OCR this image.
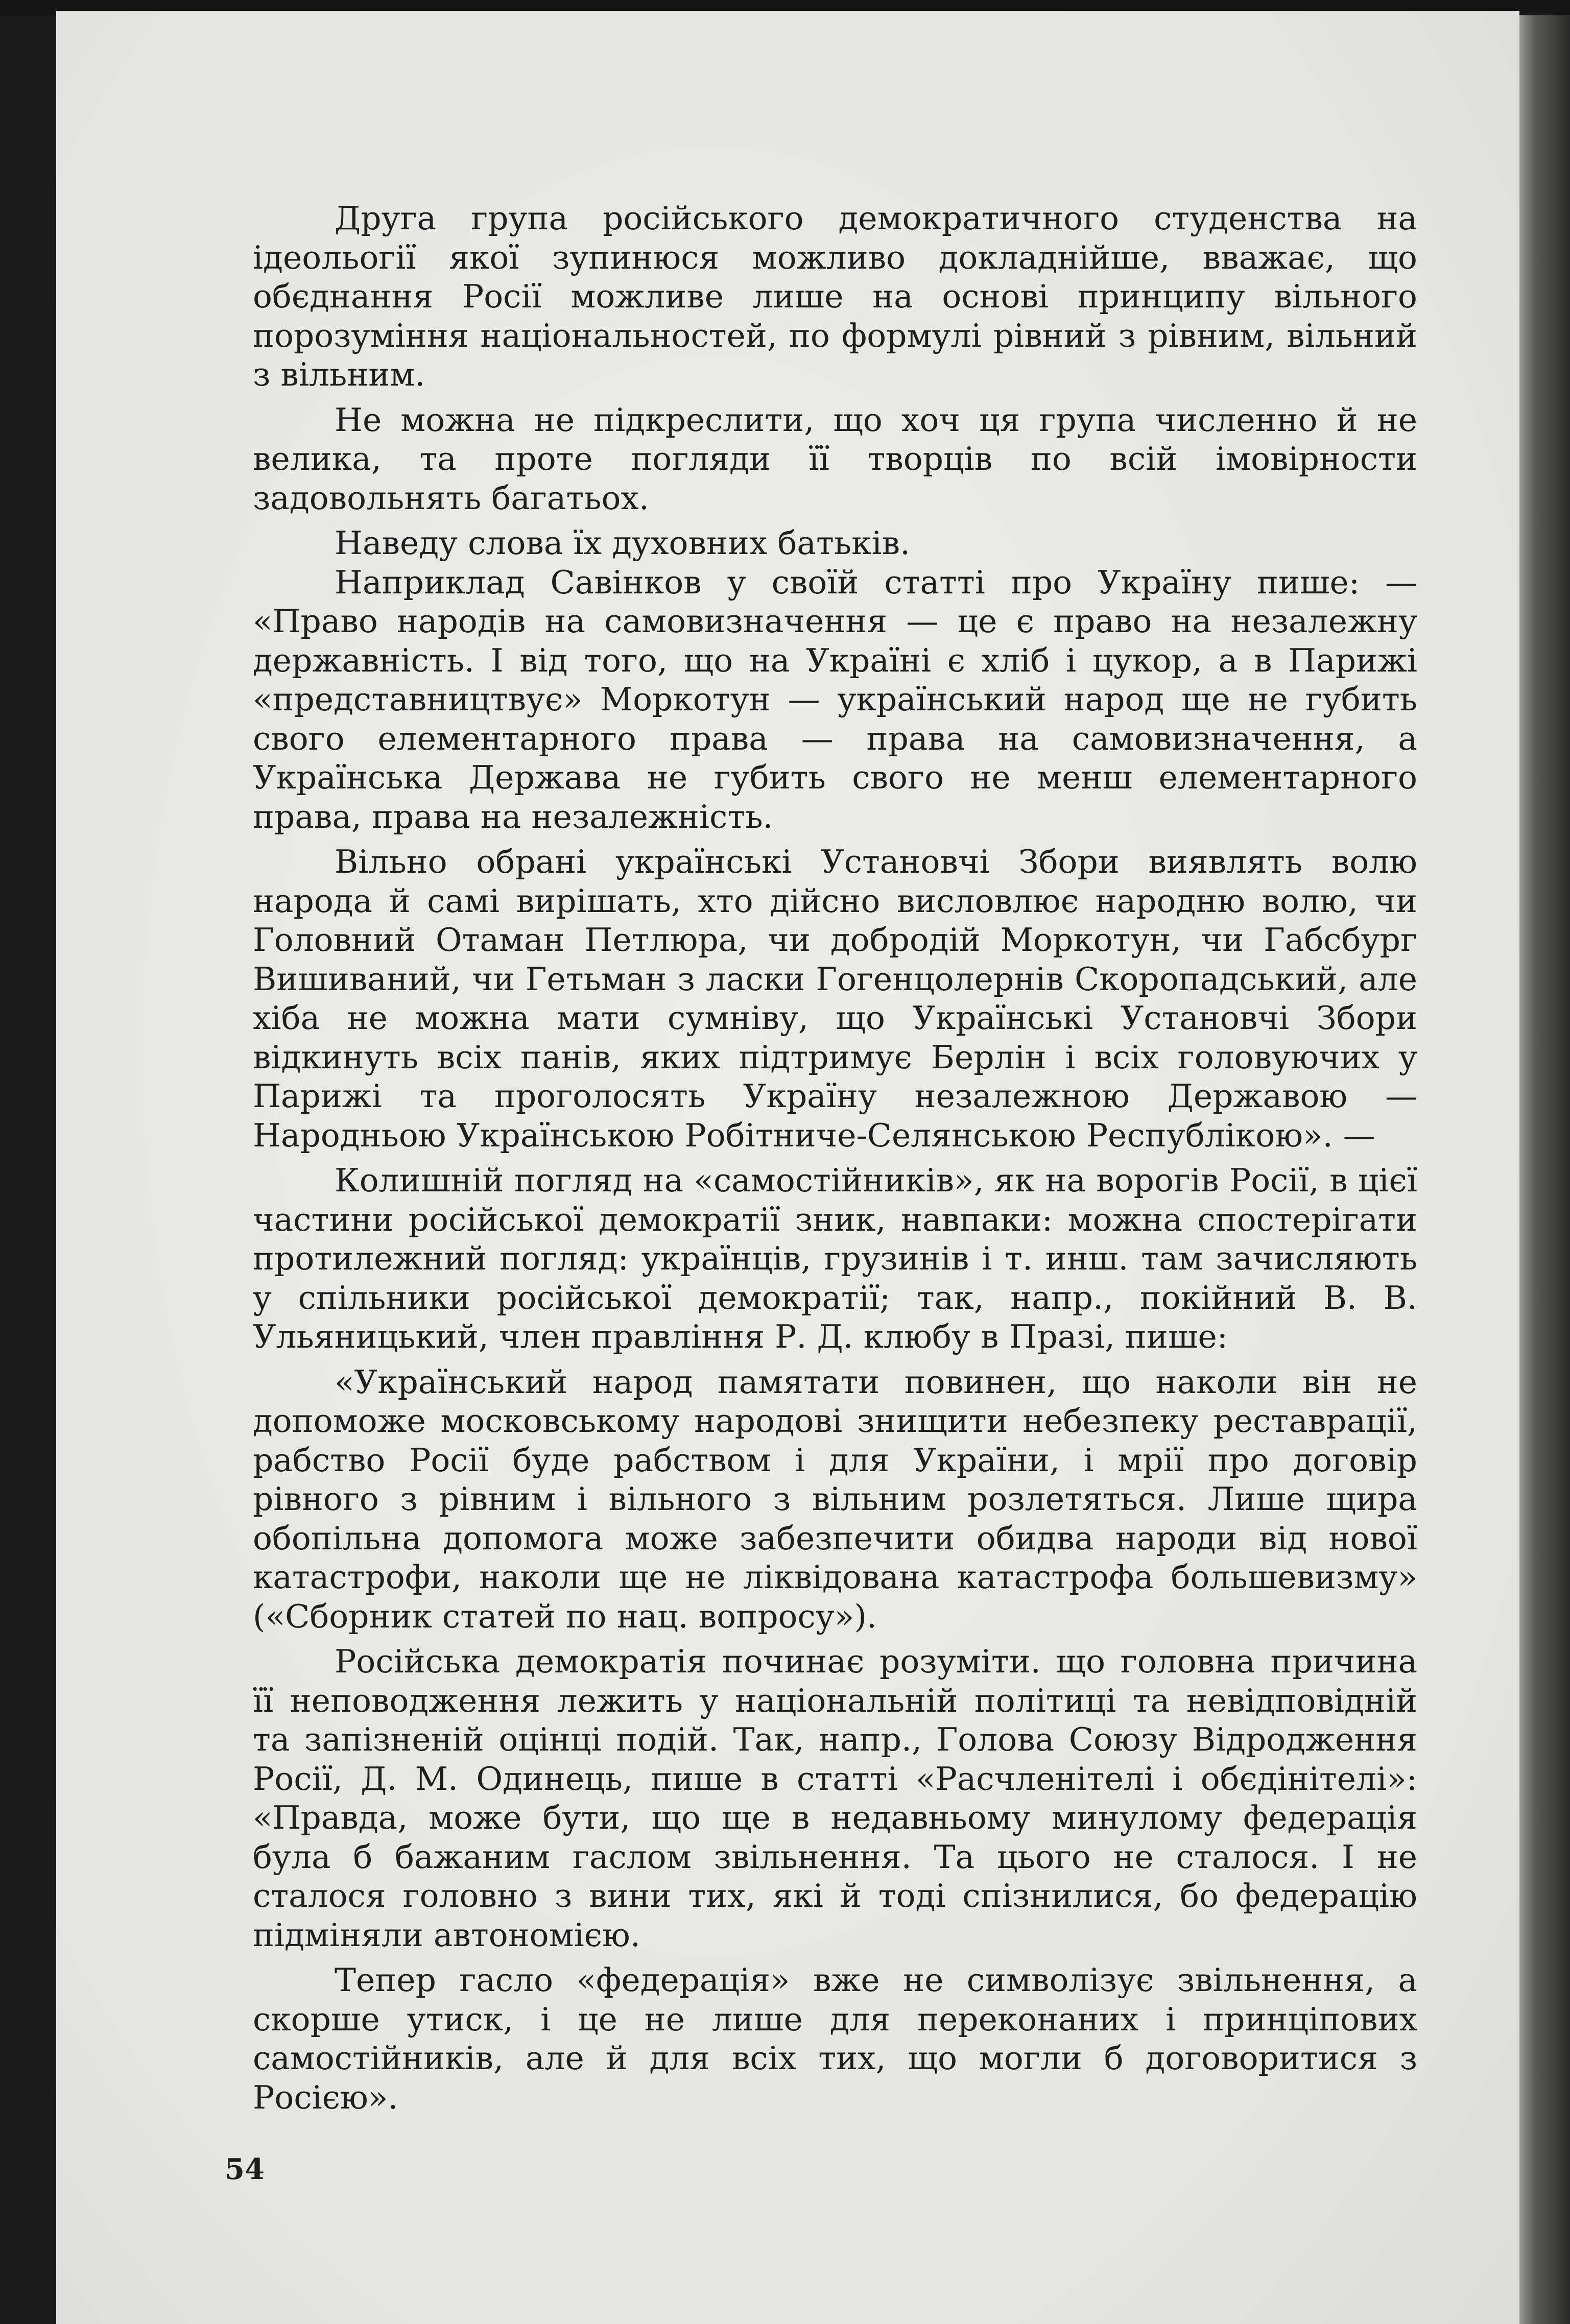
Друга група російського демократичного студенства на ідеольогії якої зупинюся можливо докладнійше, вважає, що обєднання Росії можливе лише на основі принципу вільного порозуміння національностей, по формулі рівний з рівним, вільний з вільним.

Не можна не підкреслити, що хоч ця група численно й не велика, та проте погляди її творців по всій імовірности задовольнять багатьох.

Наведу слова їх духовних батьків.

Наприклад Савінков у своїй статті про Україну пише: — «Право народів на самовизначення — це є право на незалежну державність. І від того, що на Україні є хліб і цукор, а в Парижі «представництвує» Моркотун — український народ ще не губить свого елементарного права — права на самовизначення, а Українська Держава не губить свого не менш елементарного права, права на незалежність.

Вільно обрані українські Установчі Збори виявлять волю народа й самі вирішать, хто дійсно висловлює народню волю, чи Головний Отаман Петлюра, чи добродій Моркотун, чи Габсбург Вишиваний, чи Гетьман з ласки Гогенцолернів Скоропадський, але хіба не можна мати сумніву, що Українські Установчі Збори відкинуть всіх панів, яких підтримує Берлін і всіх головуючих у Парижі та проголосять Україну незалежною Державою — Народньою Українською Робітниче-Селянською Республікою». —

Колишній погляд на «самостійників», як на ворогів Росії, в цієї частини російської демократії зник, навпаки: можна спостерігати протилежний погляд: українців, грузинів і т. инш. там зачисляють у спільники російської демократії; так, напр., покійний В. В. Ульяницький, член правління Р. Д. клюбу в Празі, пише:

«Український народ памятати повинен, що наколи він не допоможе московському народові знищити небезпеку реставрації, рабство Росії буде рабством і для України, і мрії про договір рівного з рівним і вільного з вільним розлетяться. Лише щира обопільна допомога може забезпечити обидва народи від нової катастрофи, наколи ще не ліквідована катастрофа большевизму» («Сборник статей по нац. вопросу»).

Російська демократія починає розуміти. що головна причина її неповодження лежить у національній політиці та невідповідній та запізненій оцінці подій. Так, напр., Голова Союзу Відродження Росії, Д. М. Одинець, пише в статті «Расчленітелі і обєдінітелі»: «Правда, може бути, що ще в недавньому минулому федерація була б бажаним гаслом звільнення. Та цього не сталося. І не сталося головно з вини тих, які й тоді спізнилися, бо федерацію підміняли автономією.

Тепер гасло «федерація» вже не символізує звільнення, а скорше утиск, і це не лише для переконаних і принціпових самостійників, але й для всіх тих, що могли б договоритися з Росією».

54
